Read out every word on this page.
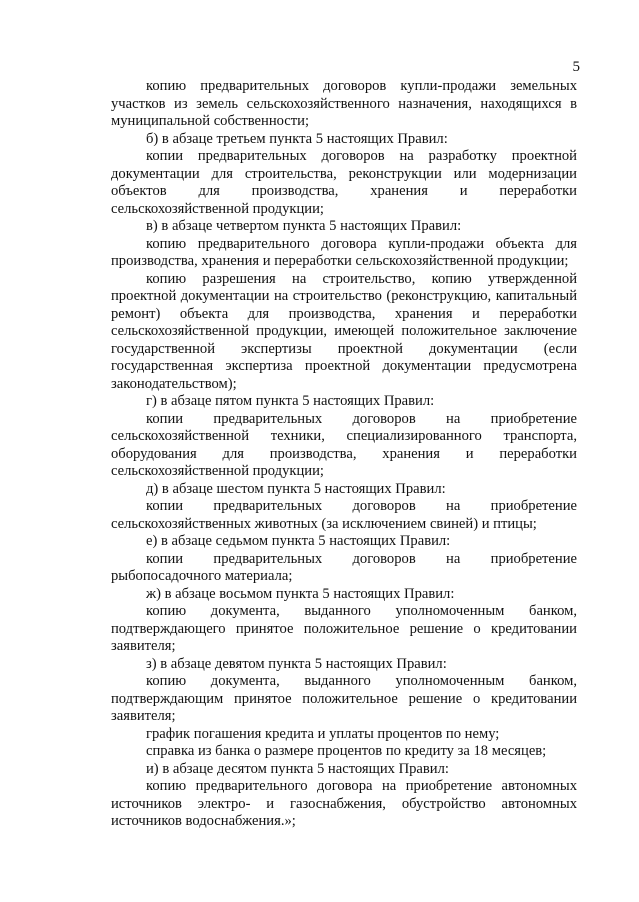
5

копию предварительных договоров купли-продажи земельных участков из земель сельскохозяйственного назначения, находящихся в муниципальной собственности;

б) в абзаце третьем пункта 5 настоящих Правил:

копии предварительных договоров на разработку проектной документации для строительства, реконструкции или модернизации объектов для производства, хранения и переработки сельскохозяйственной продукции;

в) в абзаце четвертом пункта 5 настоящих Правил:

копию предварительного договора купли-продажи объекта для производства, хранения и переработки сельскохозяйственной продукции;

копию разрешения на строительство, копию утвержденной проектной документации на строительство (реконструкцию, капитальный ремонт) объекта для производства, хранения и переработки сельскохозяйственной продукции, имеющей положительное заключение государственной экспертизы проектной документации (если государственная экспертиза проектной документации предусмотрена законодательством);

г) в абзаце пятом пункта 5 настоящих Правил:

копии предварительных договоров на приобретение сельскохозяйственной техники, специализированного транспорта, оборудования для производства, хранения и переработки сельскохозяйственной продукции;

д) в абзаце шестом пункта 5 настоящих Правил:

копии предварительных договоров на приобретение сельскохозяйственных животных (за исключением свиней) и птицы;

е) в абзаце седьмом пункта 5 настоящих Правил:

копии предварительных договоров на приобретение рыбопосадочного материала;

ж) в абзаце восьмом пункта 5 настоящих Правил:

копию документа, выданного уполномоченным банком, подтверждающего принятое положительное решение о кредитовании заявителя;

з) в абзаце девятом пункта 5 настоящих Правил:

копию документа, выданного уполномоченным банком, подтверждающим принятое положительное решение о кредитовании заявителя;

график погашения кредита и уплаты процентов по нему;

справка из банка о размере процентов по кредиту за 18 месяцев;

и) в абзаце десятом пункта 5 настоящих Правил:

копию предварительного договора на приобретение автономных источников электро- и газоснабжения, обустройство автономных источников водоснабжения.»;
